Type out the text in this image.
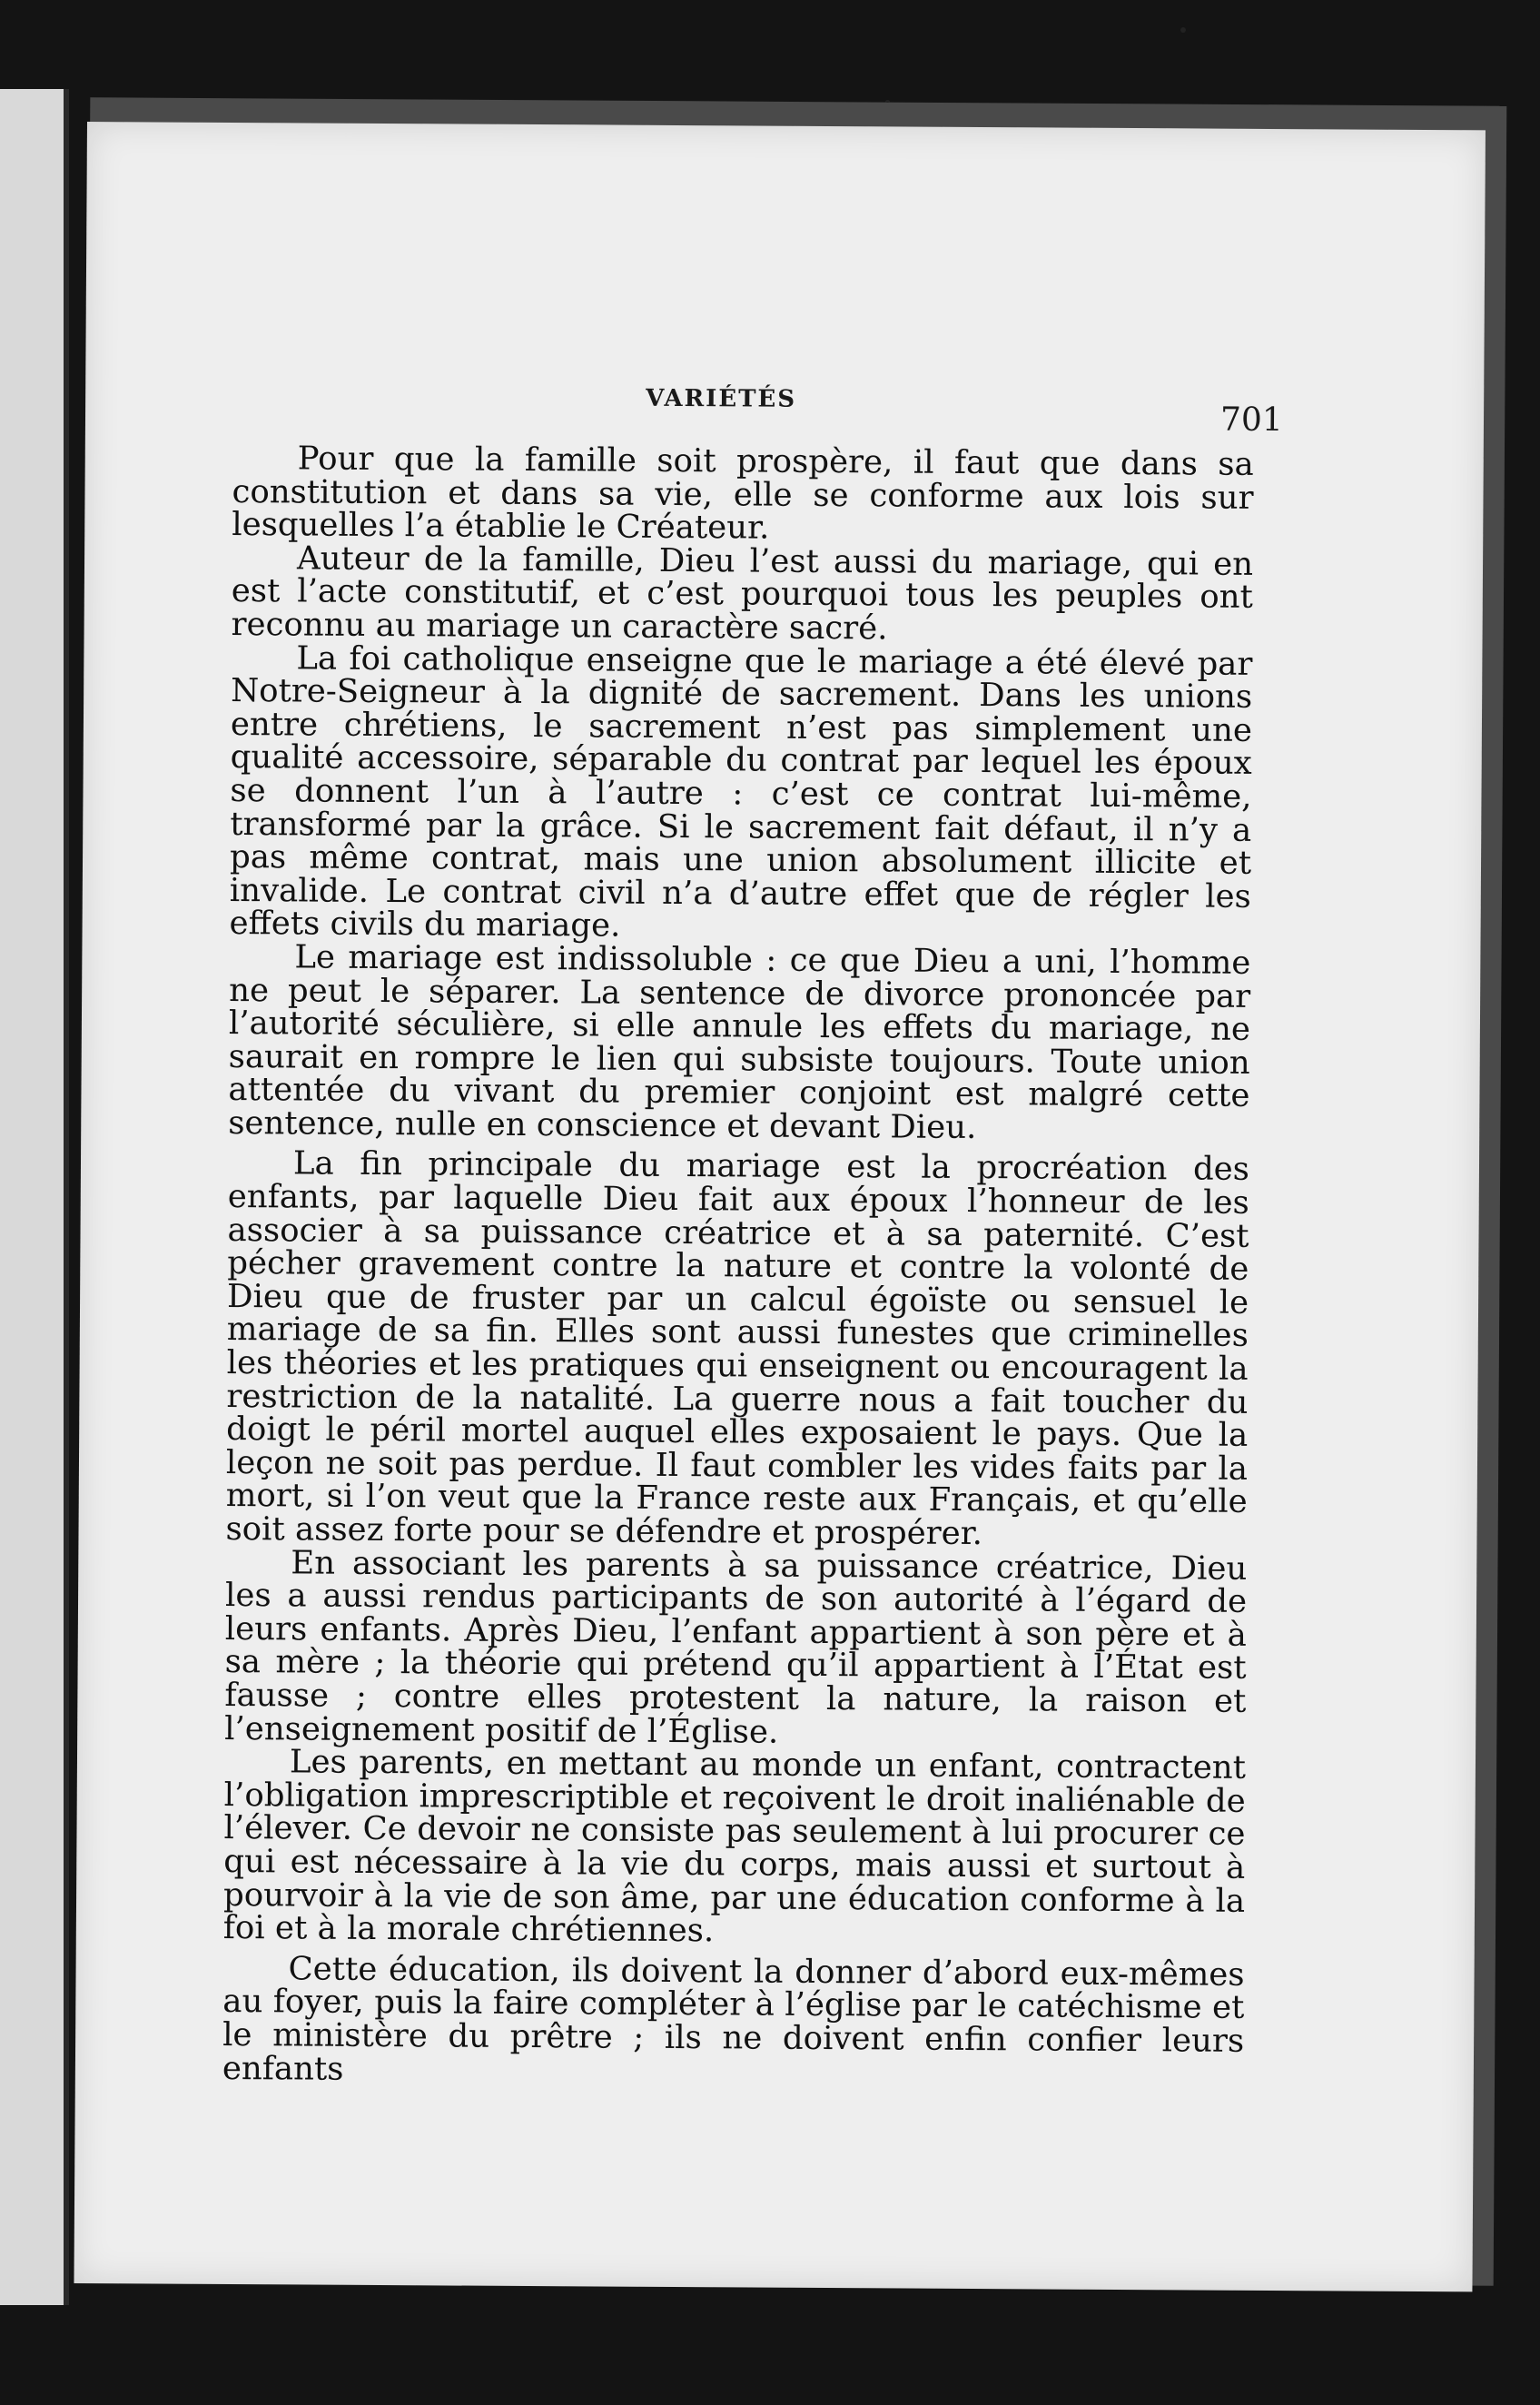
VARIÉTÉS
701

Pour que la famille soit prospère, il faut que dans sa constitution et dans sa vie, elle se conforme aux lois sur lesquelles l’a établie le Créateur.

Auteur de la famille, Dieu l’est aussi du mariage, qui en est l’acte constitutif, et c’est pourquoi tous les peuples ont reconnu au mariage un caractère sacré.

La foi catholique enseigne que le mariage a été élevé par Notre-Seigneur à la dignité de sacrement. Dans les unions entre chrétiens, le sacrement n’est pas simplement une qualité accessoire, séparable du contrat par lequel les époux se donnent l’un à l’autre : c’est ce contrat lui-même, transformé par la grâce. Si le sacrement fait défaut, il n’y a pas même contrat, mais une union absolument illicite et invalide. Le contrat civil n’a d’autre effet que de régler les effets civils du mariage.

Le mariage est indissoluble : ce que Dieu a uni, l’homme ne peut le séparer. La sentence de divorce prononcée par l’autorité séculière, si elle annule les effets du mariage, ne saurait en rompre le lien qui subsiste toujours. Toute union attentée du vivant du premier conjoint est malgré cette sentence, nulle en conscience et devant Dieu.

La fin principale du mariage est la procréation des enfants, par laquelle Dieu fait aux époux l’honneur de les associer à sa puissance créatrice et à sa paternité. C’est pécher gravement contre la nature et contre la volonté de Dieu que de fruster par un calcul égoïste ou sensuel le mariage de sa fin. Elles sont aussi funestes que criminelles les théories et les pratiques qui enseignent ou encouragent la restriction de la natalité. La guerre nous a fait toucher du doigt le péril mortel auquel elles exposaient le pays. Que la leçon ne soit pas perdue. Il faut combler les vides faits par la mort, si l’on veut que la France reste aux Français, et qu’elle soit assez forte pour se défendre et prospérer.

En associant les parents à sa puissance créatrice, Dieu les a aussi rendus participants de son autorité à l’égard de leurs enfants. Après Dieu, l’enfant appartient à son père et à sa mère ; la théorie qui prétend qu’il appartient à l’État est fausse ; contre elles protestent la nature, la raison et l’enseignement positif de l’Église.

Les parents, en mettant au monde un enfant, contractent l’obligation imprescriptible et reçoivent le droit inaliénable de l’élever. Ce devoir ne consiste pas seulement à lui procurer ce qui est nécessaire à la vie du corps, mais aussi et surtout à pourvoir à la vie de son âme, par une éducation conforme à la foi et à la morale chrétiennes.

Cette éducation, ils doivent la donner d’abord eux-mêmes au foyer, puis la faire compléter à l’église par le catéchisme et le ministère du prêtre ; ils ne doivent enfin confier leurs enfants
